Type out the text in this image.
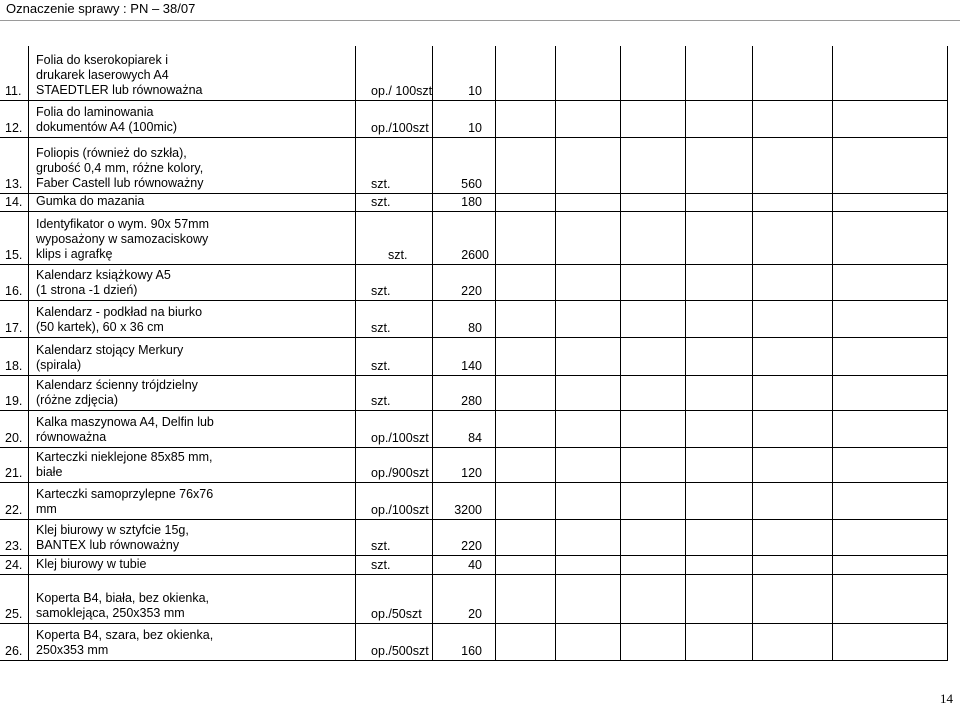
Oznaczenie sprawy : PN – 38/07
11.
Folia do kserokopiarek i
drukarek laserowych A4
STAEDTLER lub równoważna	op./ 100szt	10
12.
Folia do laminowania
dokumentów A4 (100mic)	op./100szt	10
13.
Foliopis (również do szkła),
grubość 0,4 mm, różne kolory,
Faber Castell lub równoważny	szt.	560
14. Gumka do mazania	szt.	180
15.
Identyfikator o wym. 90x 57mm
wyposażony w samozaciskowy
klips i agrafkę	szt.	2600
16.
Kalendarz książkowy A5
(1 strona -1 dzień)	szt.	220
17.
Kalendarz - podkład na biurko
(50 kartek), 60 x 36 cm	szt.	80
18.
Kalendarz stojący Merkury
(spirala)	szt.	140
19.
Kalendarz ścienny trójdzielny
(różne zdjęcia)	szt.	280
20.
Kalka maszynowa A4, Delfin lub
równoważna	op./100szt	84
21.
Karteczki nieklejone 85x85 mm,
białe	op./900szt	120
22.
Karteczki samoprzylepne 76x76
mm	op./100szt 3200
23.
Klej biurowy w sztyfcie 15g,
BANTEX lub równoważny	szt.	220
24. Klej biurowy w tubie	szt.	40
25.
Koperta B4, biała, bez okienka,
samoklejąca, 250x353 mm	op./50szt	20
26.
Koperta B4, szara, bez okienka,
250x353 mm	op./500szt	160
14
